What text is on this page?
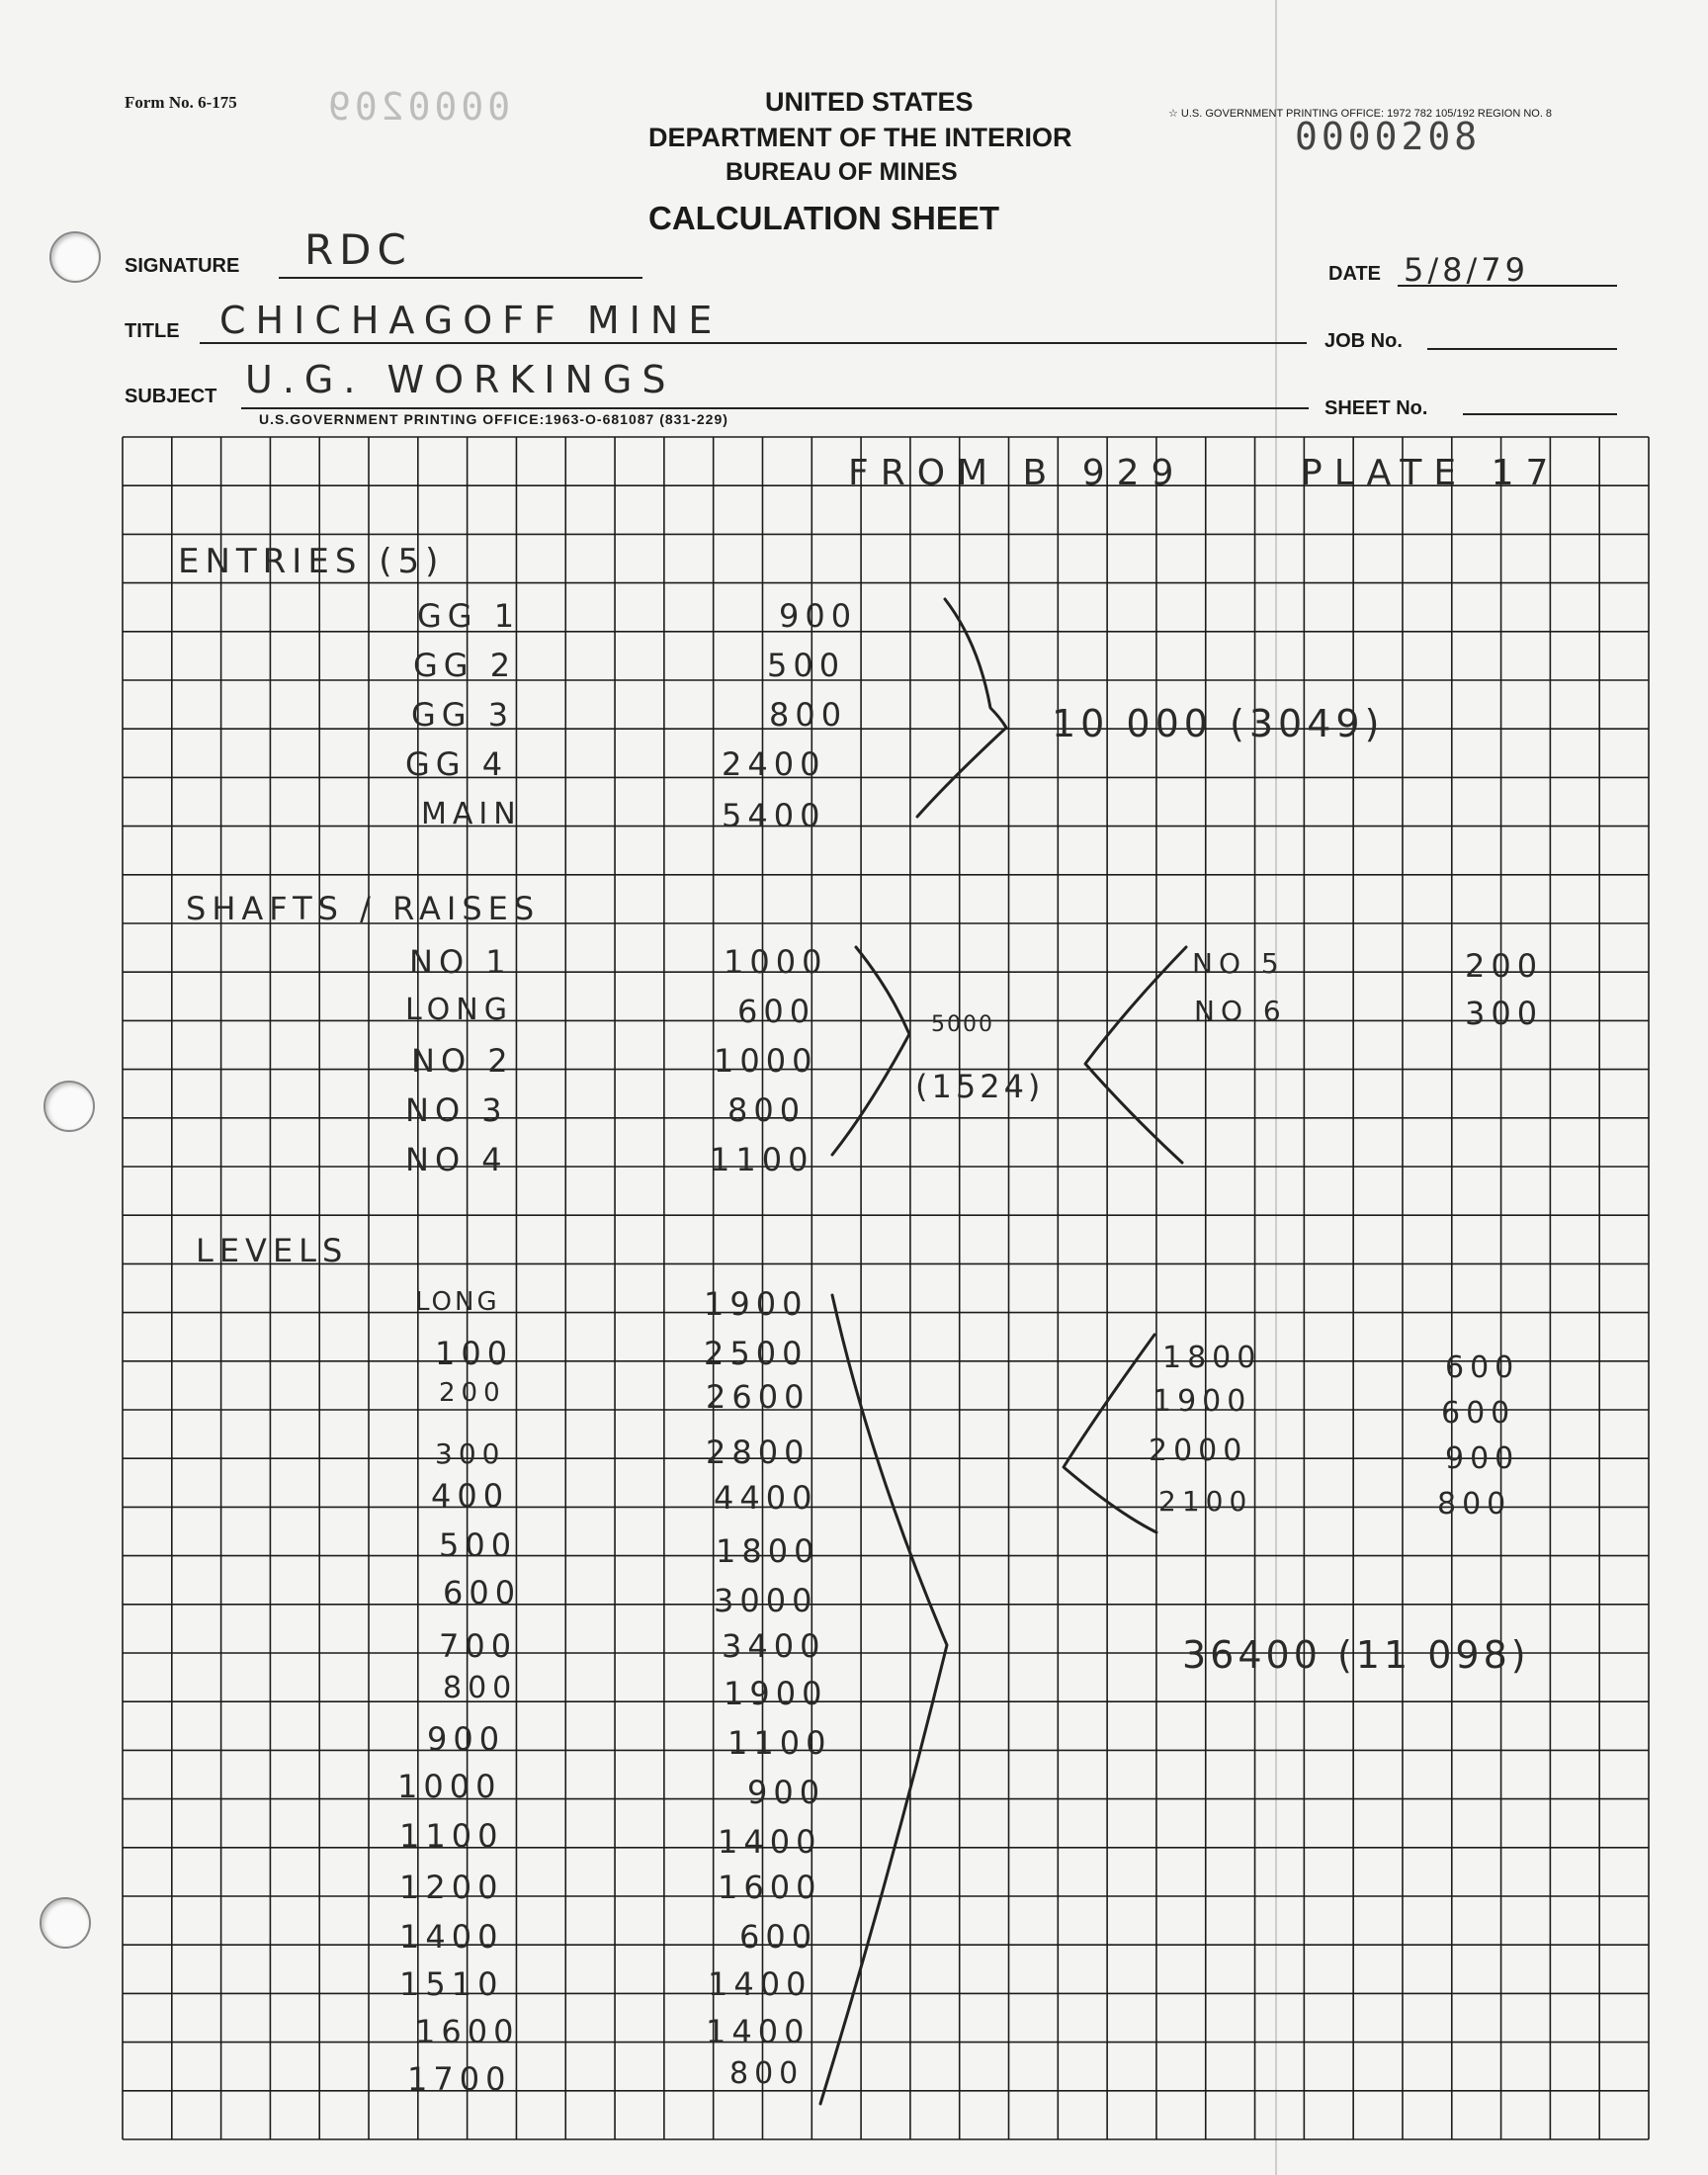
Form No. 6-175 0000209	UNITED STATES
DEPARTMENT OF THE INTERIOR
BUREAU OF MINES
CALCULATION SHEET
☆ U.S. GOVERNMENT PRINTING OFFICE: 1972 782 105/192 REGION NO. 8
0000208
SIGNATURE RDC	DATE 5/8/79
TITLE CHICHAGOFF MINE	JOB No.
SUBJECT U.G. WORKINGS
U.S.GOVERNMENT PRINTING OFFICE:1963-O-681087 (831-229)	SHEET No.
FROM B 929	PLATE 17
ENTRIES (5)
GG 1	900
GG 2	500
GG 3	800
GG 4	2400
MAIN	5400
10 000 (3049)
SHAFTS / RAISES
NO 1	1000
LONG	600
NO 2	1000
NO 3	800
NO 4	1100
5000
(1524)
NO 5	200
NO 6	300
LEVELS
LONG	1900
100	2500
200	2600
300	2800
400	4400
500	1800
600	3000
700	3400
800	1900
900	1100
1000	900
1100	1400
1200	1600
1400	600
1510	1400
1600	1400
1700	800
1800	600
1900	600
2000	900
2100	800
36400 (11 098)
